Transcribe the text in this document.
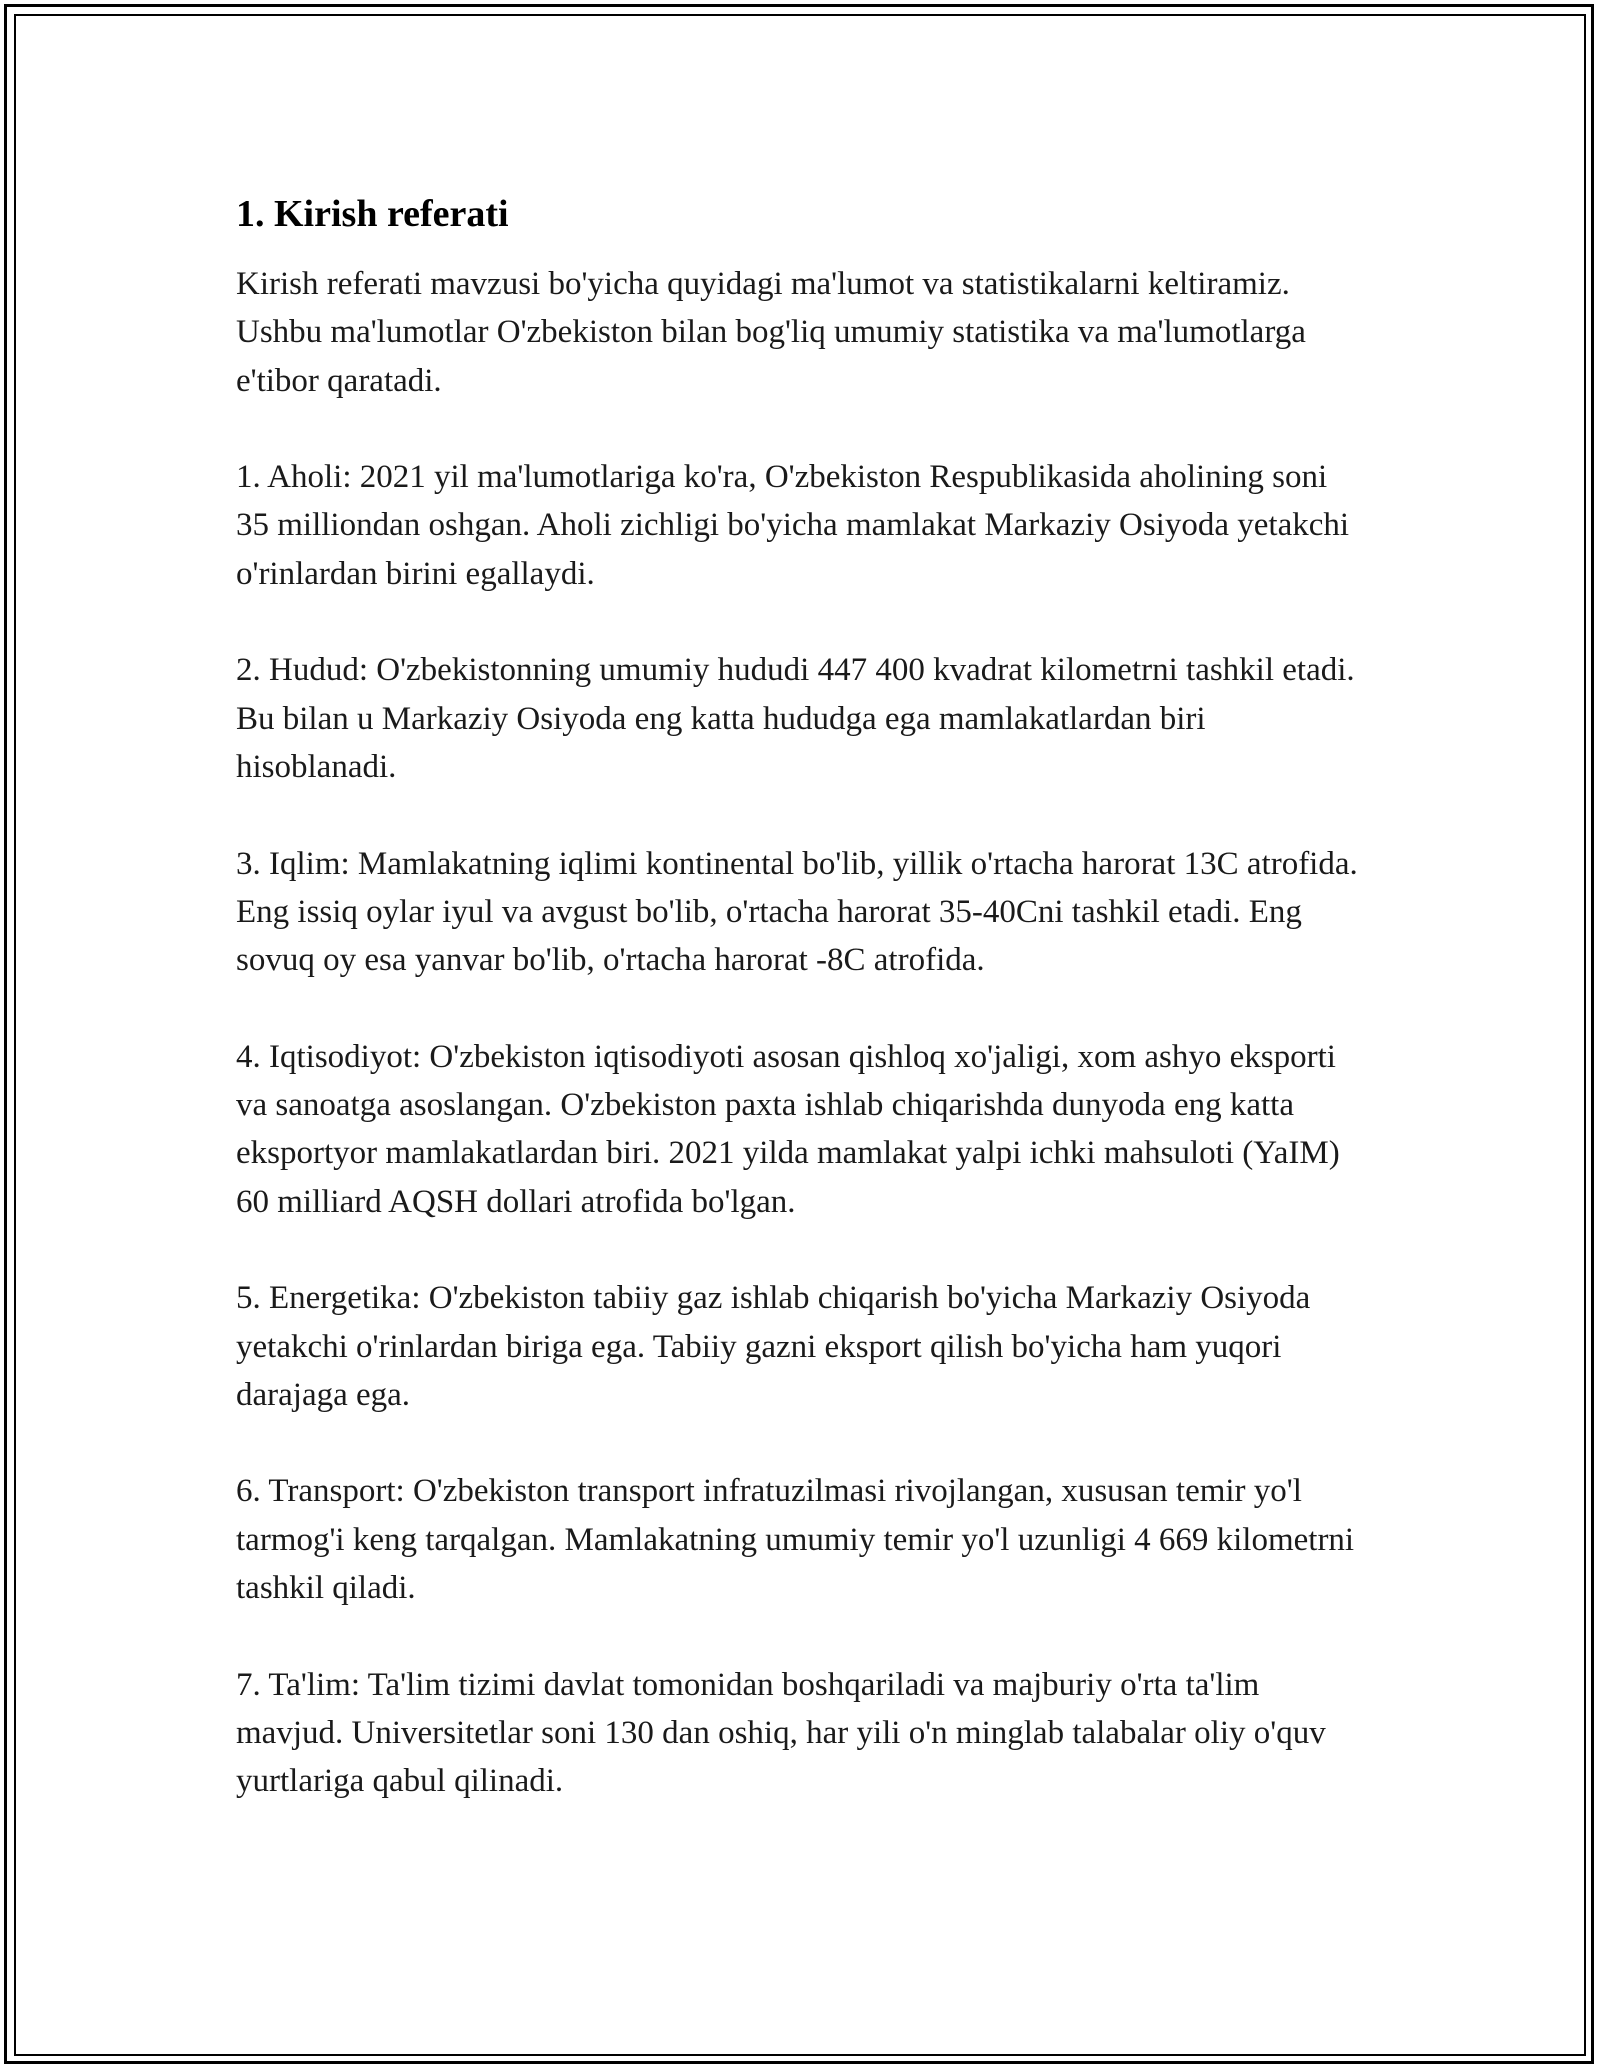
1. Kirish referati

Kirish referati mavzusi bo'yicha quyidagi ma'lumot va statistikalarni keltiramiz. Ushbu ma'lumotlar O'zbekiston bilan bog'liq umumiy statistika va ma'lumotlarga e'tibor qaratadi.

1. Aholi: 2021 yil ma'lumotlariga ko'ra, O'zbekiston Respublikasida aholining soni 35 milliondan oshgan. Aholi zichligi bo'yicha mamlakat Markaziy Osiyoda yetakchi o'rinlardan birini egallaydi.

2. Hudud: O'zbekistonning umumiy hududi 447 400 kvadrat kilometrni tashkil etadi. Bu bilan u Markaziy Osiyoda eng katta hududga ega mamlakatlardan biri hisoblanadi.

3. Iqlim: Mamlakatning iqlimi kontinental bo'lib, yillik o'rtacha harorat 13C atrofida. Eng issiq oylar iyul va avgust bo'lib, o'rtacha harorat 35-40Cni tashkil etadi. Eng sovuq oy esa yanvar bo'lib, o'rtacha harorat -8C atrofida.

4. Iqtisodiyot: O'zbekiston iqtisodiyoti asosan qishloq xo'jaligi, xom ashyo eksporti va sanoatga asoslangan. O'zbekiston paxta ishlab chiqarishda dunyoda eng katta eksportyor mamlakatlardan biri. 2021 yilda mamlakat yalpi ichki mahsuloti (YaIM) 60 milliard AQSH dollari atrofida bo'lgan.

5. Energetika: O'zbekiston tabiiy gaz ishlab chiqarish bo'yicha Markaziy Osiyoda yetakchi o'rinlardan biriga ega. Tabiiy gazni eksport qilish bo'yicha ham yuqori darajaga ega.

6. Transport: O'zbekiston transport infratuzilmasi rivojlangan, xususan temir yo'l tarmog'i keng tarqalgan. Mamlakatning umumiy temir yo'l uzunligi 4 669 kilometrni tashkil qiladi.

7. Ta'lim: Ta'lim tizimi davlat tomonidan boshqariladi va majburiy o'rta ta'lim mavjud. Universitetlar soni 130 dan oshiq, har yili o'n minglab talabalar oliy o'quv yurtlariga qabul qilinadi.
